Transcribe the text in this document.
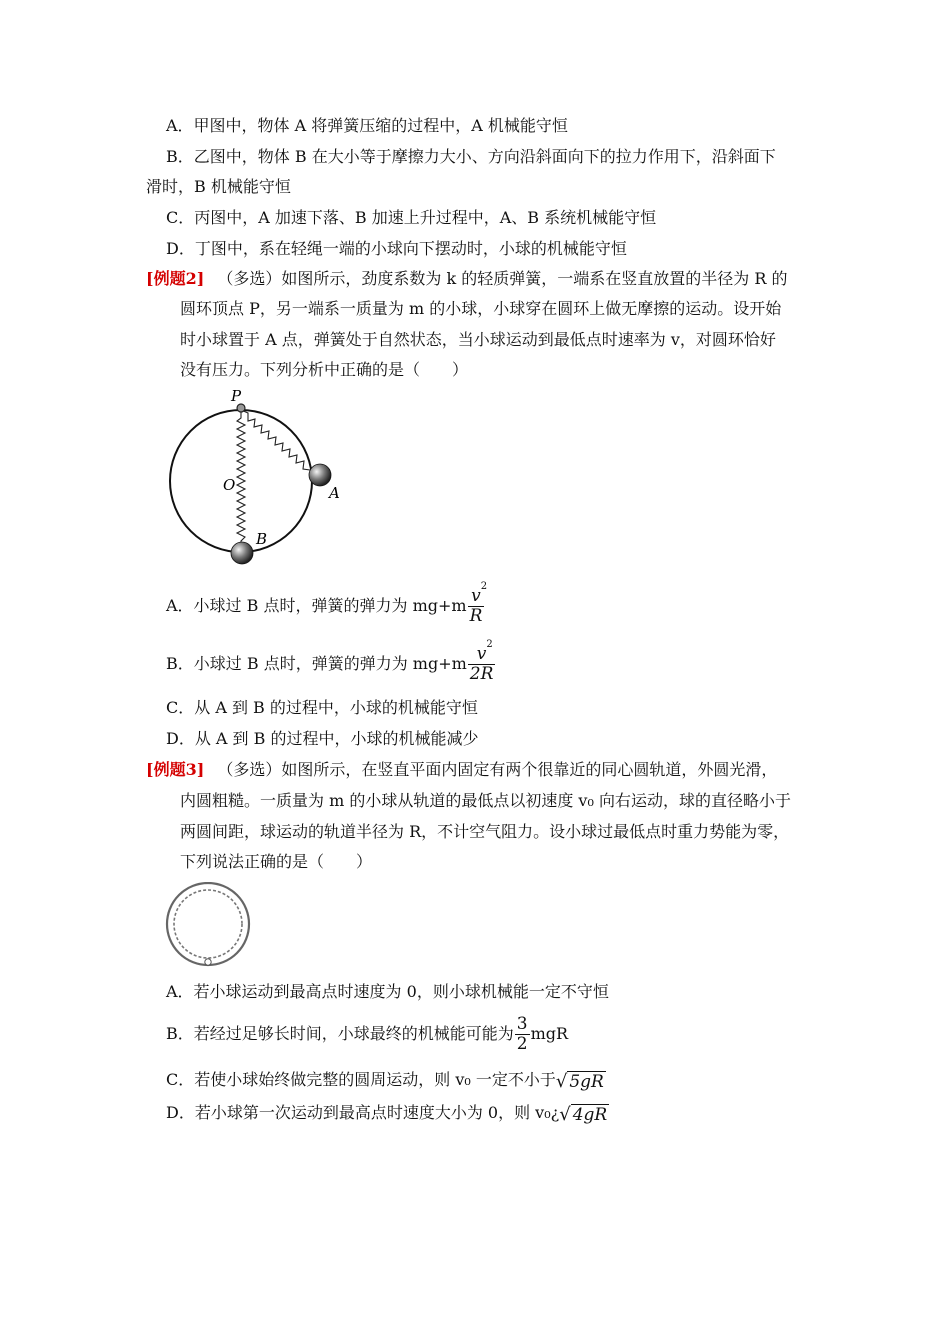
A．甲图中，物体 A 将弹簧压缩的过程中，A 机械能守恒
B．乙图中，物体 B 在大小等于摩擦力大小、方向沿斜面向下的拉力作用下，沿斜面下
滑时，B 机械能守恒
C．丙图中，A 加速下落、B 加速上升过程中，A、B 系统机械能守恒
D．丁图中，系在轻绳一端的小球向下摆动时，小球的机械能守恒
[例题2] （多选）如图所示，劲度系数为 k 的轻质弹簧，一端系在竖直放置的半径为 R 的
圆环顶点 P，另一端系一质量为 m 的小球，小球穿在圆环上做无摩擦的运动。设开始
时小球置于 A 点，弹簧处于自然状态，当小球运动到最低点时速率为 v，对圆环恰好
没有压力。下列分析中正确的是（　　）
P
O	A
B
A．小球过 B 点时，弹簧的弹力为 $mg+m \frac{v 2}{R}$
B．小球过 B 点时，弹簧的弹力为 $mg+m \frac{v 2}{2R}$
C．从 A 到 B 的过程中，小球的机械能守恒
D．从 A 到 B 的过程中，小球的机械能减少
[例题3] （多选）如图所示，在竖直平面内固定有两个很靠近的同心圆轨道，外圆光滑，
内圆粗糙。一质量为 m 的小球从轨道的最低点以初速度 v₀ 向右运动，球的直径略小于
两圆间距，球运动的轨道半径为 R，不计空气阻力。设小球过最低点时重力势能为零，
下列说法正确的是（　　）
A．若小球运动到最高点时速度为 0，则小球机械能一定不守恒
B．若经过足够长时间，小球最终的机械能可能为 $\frac{3}{2}$ mgR
C．若使小球始终做完整的圆周运动，则 v₀ 一定不小于√ 5gR
D．若小球第一次运动到最高点时速度大小为 0，则 v₀¿√ 4gR
